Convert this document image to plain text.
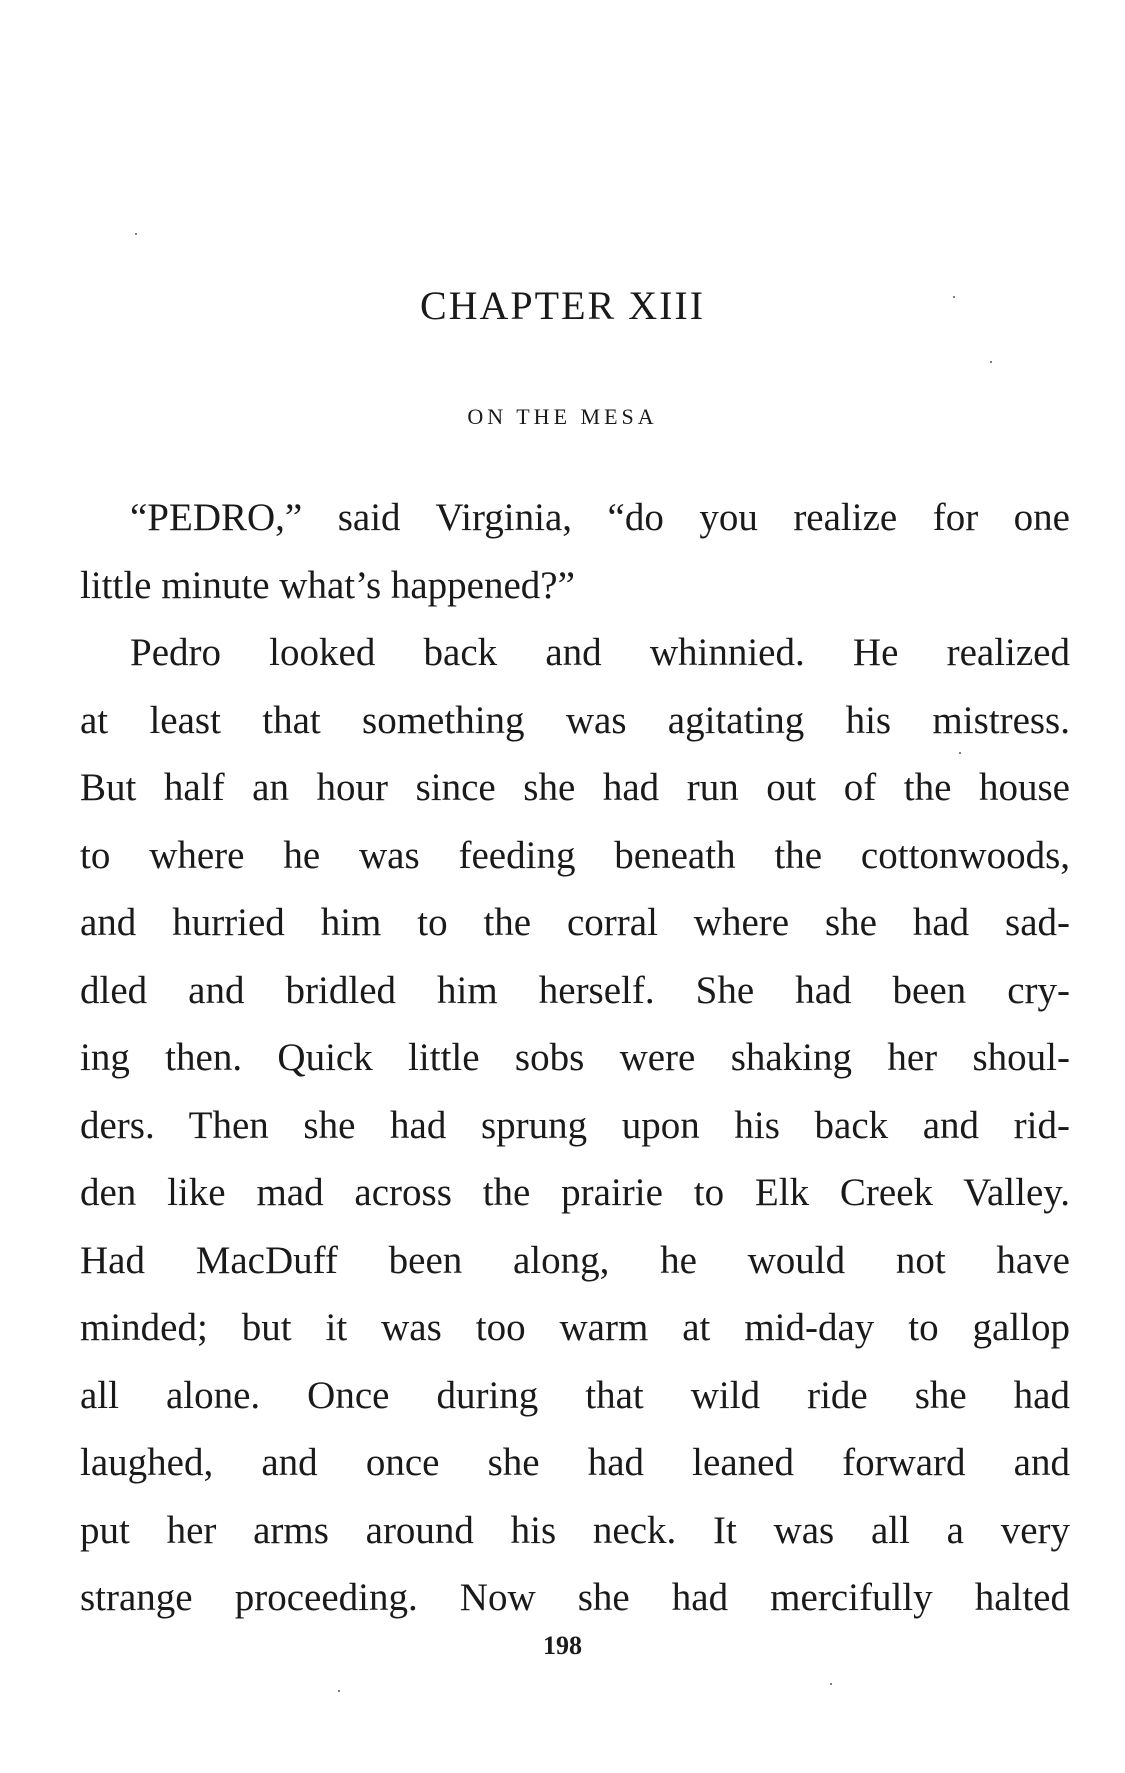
CHAPTER XIII
ON THE MESA
“PEDRO,” said Virginia, “do you realize for one
little minute what’s happened?”
Pedro looked back and whinnied. He realized
at least that something was agitating his mistress.
But half an hour since she had run out of the house
to where he was feeding beneath the cottonwoods,
and hurried him to the corral where she had sad-
dled and bridled him herself. She had been cry-
ing then. Quick little sobs were shaking her shoul-
ders. Then she had sprung upon his back and rid-
den like mad across the prairie to Elk Creek Valley.
Had MacDuff been along, he would not have
minded; but it was too warm at mid-day to gallop
all alone. Once during that wild ride she had
laughed, and once she had leaned forward and
put her arms around his neck. It was all a very
strange proceeding. Now she had mercifully halted
198
